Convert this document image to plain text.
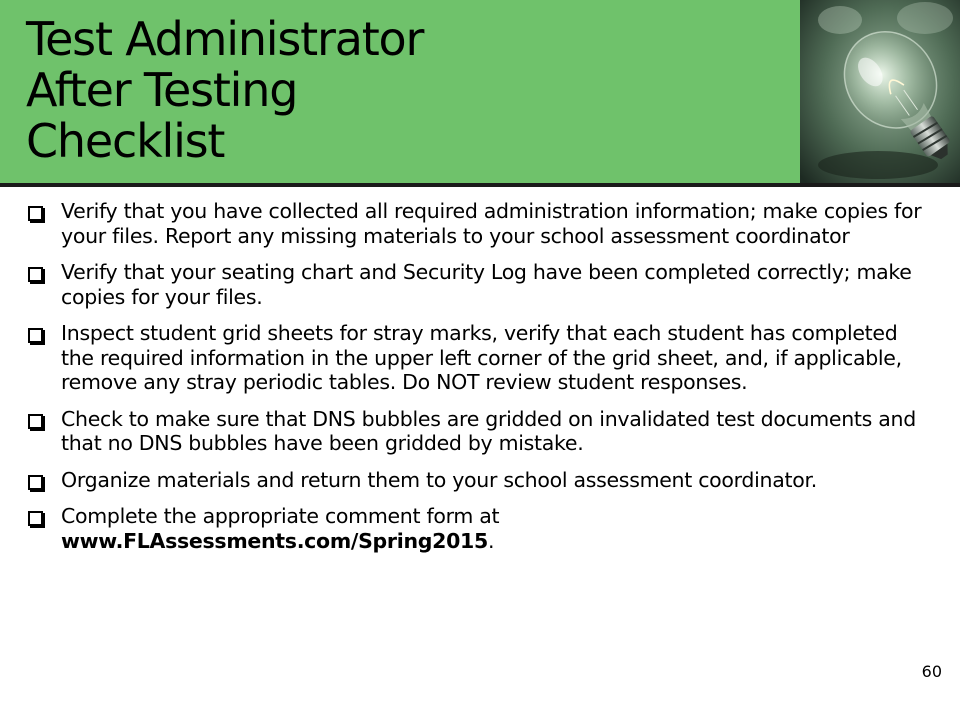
Test Administrator
After Testing
Checklist
Verify that you have collected all required administration information; make copies for your files. Report any missing materials to your school assessment coordinator
Verify that your seating chart and Security Log have been completed correctly; make copies for your files.
Inspect student grid sheets for stray marks, verify that each student has completed the required information in the upper left corner of the grid sheet, and, if applicable, remove any stray periodic tables. Do NOT review student responses.
Check to make sure that DNS bubbles are gridded on invalidated test documents and that no DNS bubbles have been gridded by mistake.
Organize materials and return them to your school assessment coordinator.
Complete the appropriate comment form at www.FLAssessments.com/Spring2015.
60
